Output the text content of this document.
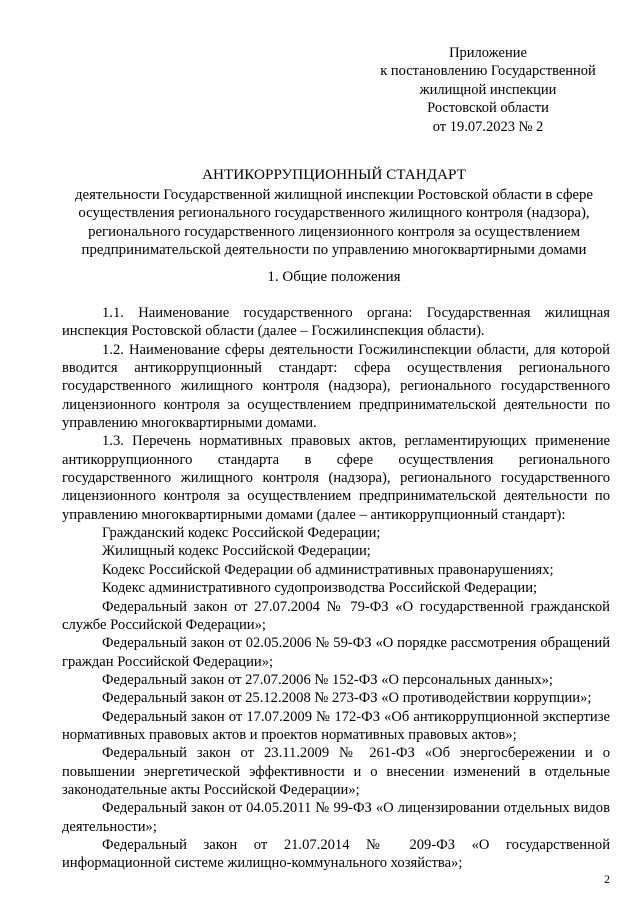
Приложение
к постановлению Государственной
жилищной инспекции
Ростовской области
от 19.07.2023 № 2
АНТИКОРРУПЦИОННЫЙ СТАНДАРТ
деятельности Государственной жилищной инспекции Ростовской области в сфере осуществления регионального государственного жилищного контроля (надзора), регионального государственного лицензионного контроля за осуществлением предпринимательской деятельности по управлению многоквартирными домами
1. Общие положения

1.1. Наименование государственного органа: Государственная жилищная инспекция Ростовской области (далее – Госжилинспекция области).

1.2. Наименование сферы деятельности Госжилинспекции области, для которой вводится антикоррупционный стандарт: сфера осуществления регионального государственного жилищного контроля (надзора), регионального государственного лицензионного контроля за осуществлением предпринимательской деятельности по управлению многоквартирными домами.

1.3. Перечень нормативных правовых актов, регламентирующих применение антикоррупционного стандарта в сфере осуществления регионального государственного жилищного контроля (надзора), регионального государственного лицензионного контроля за осуществлением предпринимательской деятельности по управлению многоквартирными домами (далее – антикоррупционный стандарт):

Гражданский кодекс Российской Федерации;

Жилищный кодекс Российской Федерации;

Кодекс Российской Федерации об административных правонарушениях;

Кодекс административного судопроизводства Российской Федерации;

Федеральный закон от 27.07.2004 № 79-ФЗ «О государственной гражданской службе Российской Федерации»;

Федеральный закон от 02.05.2006 № 59-ФЗ «О порядке рассмотрения обращений граждан Российской Федерации»;

Федеральный закон от 27.07.2006 № 152-ФЗ «О персональных данных»;

Федеральный закон от 25.12.2008 № 273-ФЗ «О противодействии коррупции»;

Федеральный закон от 17.07.2009 № 172-ФЗ «Об антикоррупционной экспертизе нормативных правовых актов и проектов нормативных правовых актов»;

Федеральный закон от 23.11.2009 № 261-ФЗ «Об энергосбережении и о повышении энергетической эффективности и о внесении изменений в отдельные законодательные акты Российской Федерации»;

Федеральный закон от 04.05.2011 № 99-ФЗ «О лицензировании отдельных видов деятельности»;

Федеральный закон от 21.07.2014 № 209-ФЗ «О государственной информационной системе жилищно-коммунального хозяйства»;

2
